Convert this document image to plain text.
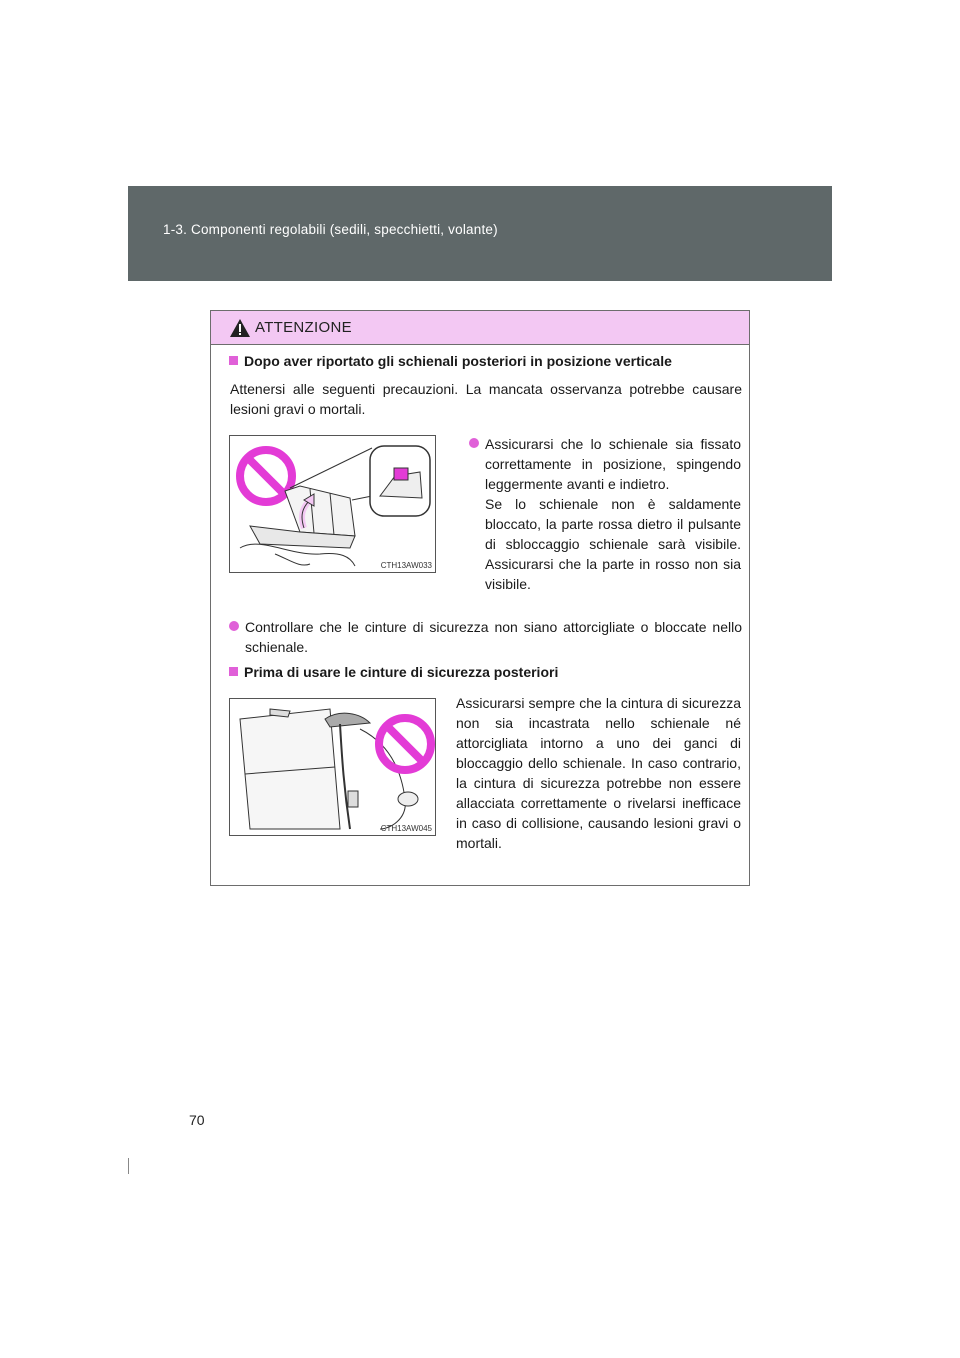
1-3. Componenti regolabili (sedili, specchietti, volante)
ATTENZIONE
Dopo aver riportato gli schienali posteriori in posizione verticale
Attenersi alle seguenti precauzioni. La mancata osservanza potrebbe causare lesioni gravi o mortali.
CTH13AW033
Assicurarsi che lo schienale sia fissato correttamente in posizione, spingendo leggermente avanti e indietro.
Se lo schienale non è saldamente bloccato, la parte rossa dietro il pulsante di sbloccaggio schienale sarà visibile. Assicurarsi che la parte in rosso non sia visibile.
Controllare che le cinture di sicurezza non siano attorcigliate o bloccate nello schienale.
Prima di usare le cinture di sicurezza posteriori
CTH13AW045
Assicurarsi sempre che la cintura di sicurezza non sia incastrata nello schienale né attorcigliata intorno a uno dei ganci di bloccaggio dello schienale. In caso contrario, la cintura di sicurezza potrebbe non essere allacciata correttamente o rivelarsi inefficace in caso di collisione, causando lesioni gravi o mortali.
70
